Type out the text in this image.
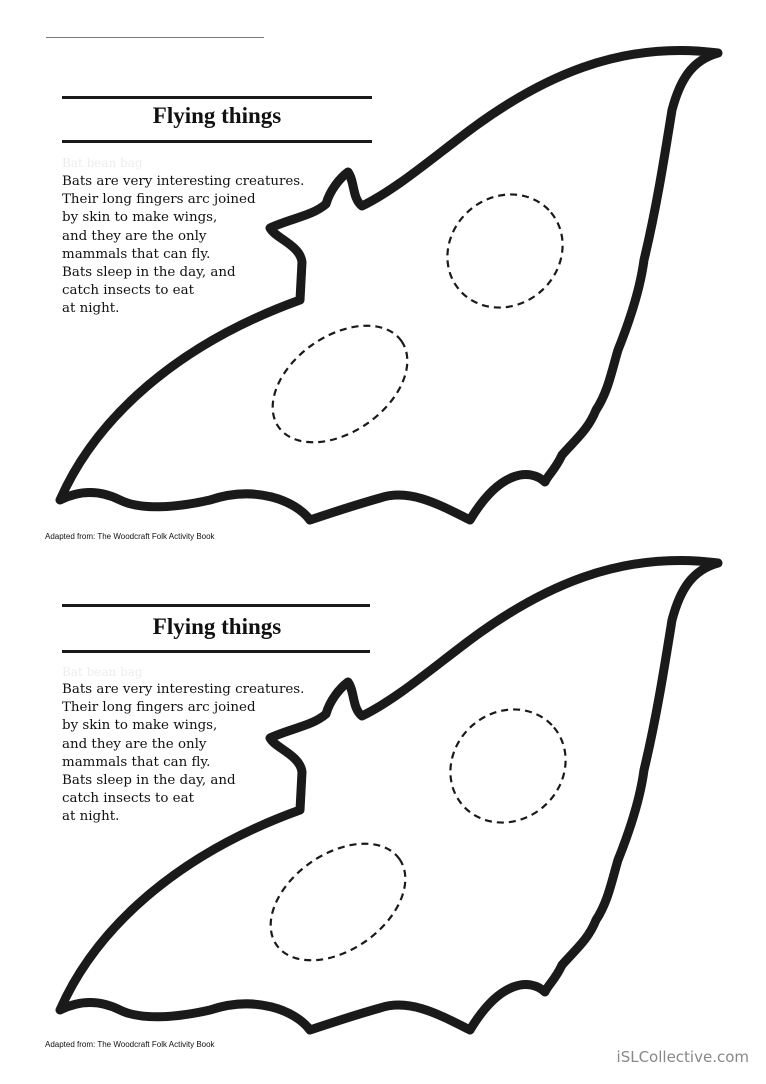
Flying things
Bat bean bag
Bats are very interesting creatures.
Their long fingers arc joined
by skin to make wings,
and they are the only
mammals that can fly.
Bats sleep in the day, and
catch insects to eat
at night.
Adapted from: The Woodcraft Folk Activity Book
Flying things
Bat bean bag
Bats are very interesting creatures.
Their long fingers arc joined
by skin to make wings,
and they are the only
mammals that can fly.
Bats sleep in the day, and
catch insects to eat
at night.
Adapted from: The Woodcraft Folk Activity Book
iSLCollective.com
